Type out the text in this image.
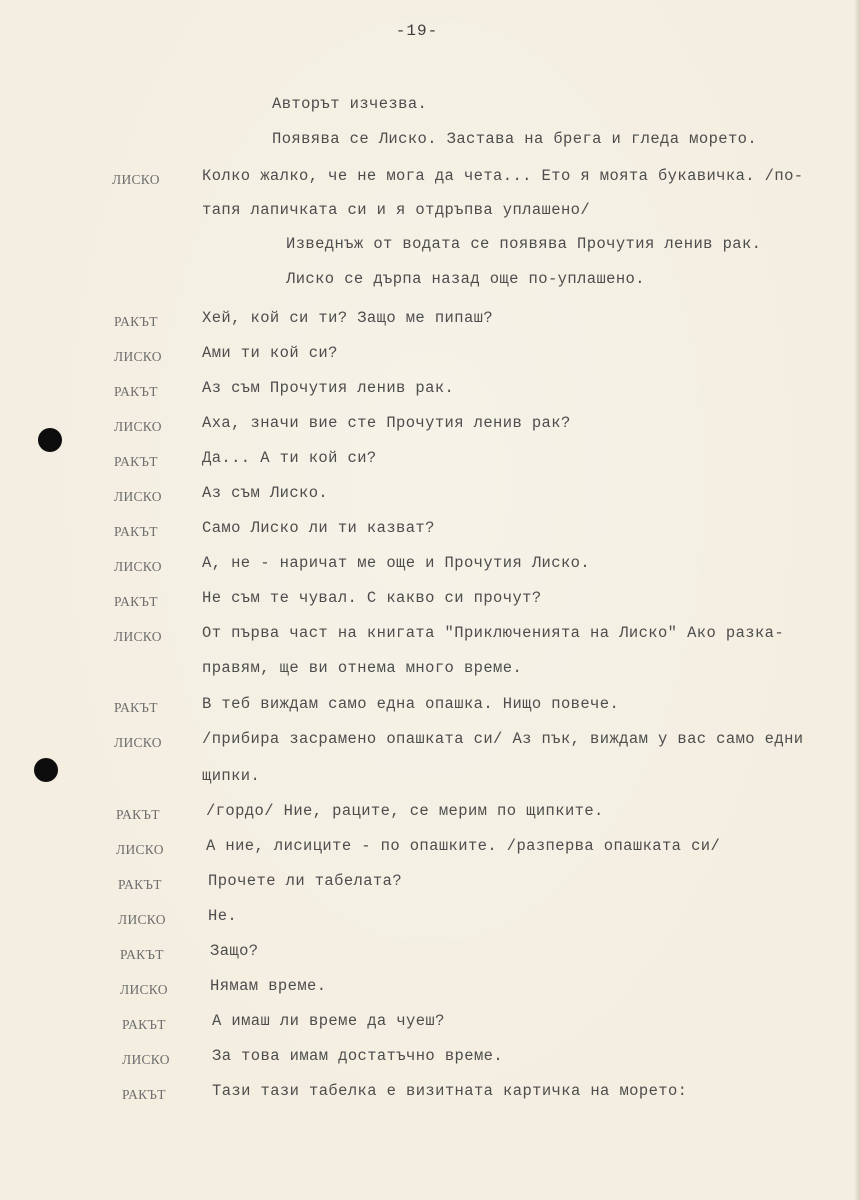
-19-
Авторът изчезва.
Появява се Лиско. Застава на брега и гледа морето.
ЛИСКО	Колко жалко, че не мога да чета... Ето я моята букавичка. /по-
тапя лапичката си и я отдръпва уплашено/
Изведнъж от водата се появява Прочутия ленив рак.
Лиско се дърпа назад още по-уплашено.
РАКЪТ	Хей, кой си ти? Защо ме пипаш?
ЛИСКО	Ами ти кой си?
РАКЪТ	Аз съм Прочутия ленив рак.
ЛИСКО	Аха, значи вие сте Прочутия ленив рак?
РАКЪТ	Да... А ти кой си?
ЛИСКО	Аз съм Лиско.
РАКЪТ	Само Лиско ли ти казват?
ЛИСКО	А, не - наричат ме още и Прочутия Лиско.
РАКЪТ	Не съм те чувал. С какво си прочут?
ЛИСКО	От първа част на книгата "Приключенията на Лиско" Ако разка-
правям, ще ви отнема много време.
РАКЪТ	В теб виждам само една опашка. Нищо повече.
ЛИСКО	/прибира засрамено опашката си/ Аз пък, виждам у вас само едни
щипки.
РАКЪТ	/гордо/ Ние, раците, се мерим по щипките.
ЛИСКО	А ние, лисиците - по опашките. /разперва опашката си/
РАКЪТ	Прочете ли табелата?
ЛИСКО	Не.
РАКЪТ	Защо?
ЛИСКО	Нямам време.
РАКЪТ	А имаш ли време да чуеш?
ЛИСКО	За това имам достатъчно време.
РАКЪТ	Тази тази табелка е визитната картичка на морето:
